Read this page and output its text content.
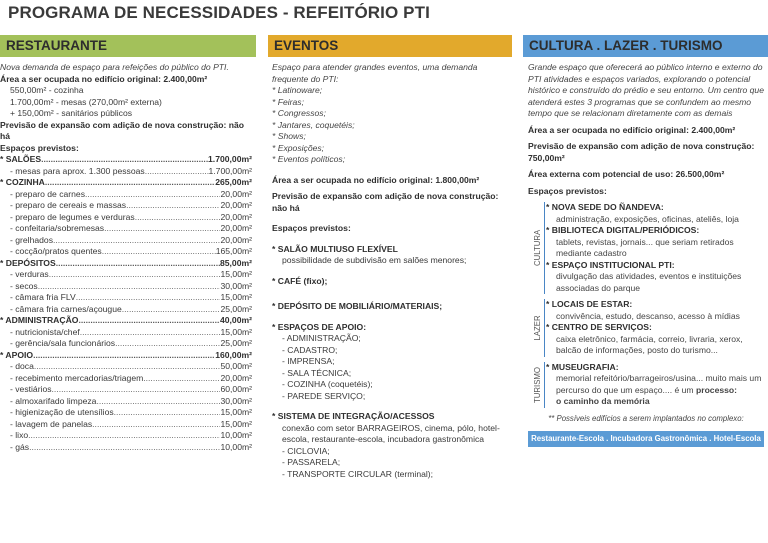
PROGRAMA DE NECESSIDADES - REFEITÓRIO PTI
RESTAURANTE
Nova demanda de espaço para refeições do público do PTI.
Área a ser ocupada no edifício original: 2.400,00m²
550,00m² - cozinha
1.700,00m² - mesas (270,00m² externa)
+ 150,00m² - sanitários públicos
Previsão de expansão com adição de nova construção: não há
Espaços previstos:
* SALÕES .....	1.700,00m²
- mesas para aprox. 1.300 pessoas .....	1.700,00m²
* COZINHA .....	265,00m²
- preparo de carnes .....	20,00m²
- preparo de cereais e massas .....	20,00m²
- preparo de legumes e verduras .....	20,00m²
- confeitaria/sobremesas .....	20,00m²
- grelhados .....	20,00m²
- cocção/pratos quentes .....	165,00m²
* DEPÓSITOS .....	85,00m²
- verduras .....	15,00m²
- secos .....	30,00m²
- câmara fria FLV .....	15,00m²
- câmara fria carnes/açougue .....	25,00m²
* ADMINISTRAÇÃO .....	40,00m²
- nutricionista/chef .....	15,00m²
- gerência/sala funcionários .....	25,00m²
* APOIO .....	160,00m²
- doca .....	50,00m²
- recebimento mercadorias/triagem .....	20,00m²
- vestiários .....	60,00m²
- almoxarifado limpeza .....	30,00m²
- higienização de utensílios .....	15,00m²
- lavagem de panelas .....	15,00m²
- lixo .....	10,00m²
- gás .....	10,00m²
EVENTOS
Espaço para atender grandes eventos, uma demanda frequente do PTI:
* Latinoware;
* Feiras;
* Congressos;
* Jantares, coquetéis;
* Shows;
* Exposições;
* Eventos políticos;
Área a ser ocupada no edifício original: 1.800,00m²
Previsão de expansão com adição de nova construção: não há
Espaços previstos:
* SALÃO MULTIUSO FLEXÍVEL
possibilidade de subdivisão em salões menores;
* CAFÉ (fixo);
* DEPÓSITO DE MOBILIÁRIO/MATERIAIS;
* ESPAÇOS DE APOIO:
- ADMINISTRAÇÃO;
- CADASTRO;
- IMPRENSA;
- SALA TÉCNICA;
- COZINHA (coquetéis);
- PAREDE SERVIÇO;
* SISTEMA DE INTEGRAÇÃO/ACESSOS
conexão com setor BARRAGEIROS, cinema, pólo, hotel-escola, restaurante-escola, incubadora gastronômica
- CICLOVIA;
- PASSARELA;
- TRANSPORTE CIRCULAR (terminal);
CULTURA . LAZER . TURISMO
Grande espaço que oferecerá ao público interno e externo do PTI atividades e espaços variados, explorando o potencial histórico e construído do prédio e seu entorno. Um centro que atenderá estes 3 programas que se confundem ao mesmo tempo que se relacionam diretamente com as demais
Área a ser ocupada no edifício original: 2.400,00m²
Previsão de expansão com adição de nova construção: 750,00m²
Área externa com potencial de uso: 26.500,00m²
Espaços previstos:
CULTURA
* NOVA SEDE DO ÑANDEVA:
administração, exposições, oficinas, ateliês, loja
* BIBLIOTECA DIGITAL/PERIÓDICOS:
tablets, revistas, jornais... que seriam retirados mediante cadastro
* ESPAÇO INSTITUCIONAL PTI:
divulgação das atividades, eventos e instituições associadas do parque
LAZER
* LOCAIS DE ESTAR:
convivência, estudo, descanso, acesso à mídias
* CENTRO DE SERVIÇOS:
caixa eletrônico, farmácia, correio, livraria, xerox, balcão de informações, posto do turismo...
TURISMO
* MUSEUGRAFIA:
memorial refeitório/barrageiros/usina... muito mais um percurso do que um espaço.... é um processo:
o caminho da memória
** Possíveis edifícios a serem implantados no complexo:
Restaurante-Escola . Incubadora Gastronômica . Hotel-Escola
